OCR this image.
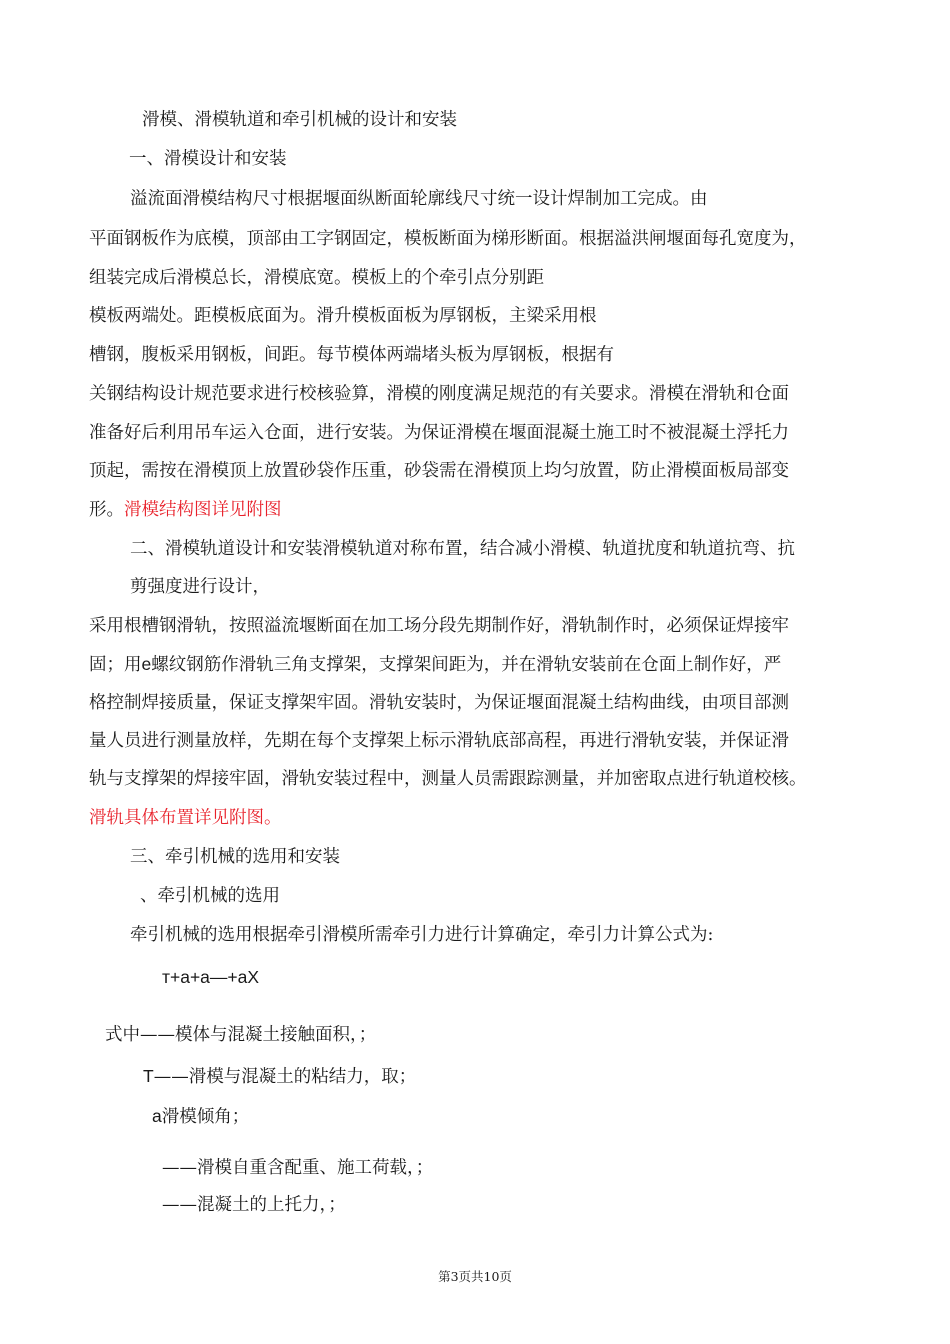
滑模、滑模轨道和牵引机械的设计和安装
一、滑模设计和安装
溢流面滑模结构尺寸根据堰面纵断面轮廓线尺寸统一设计焊制加工完成。由
平面钢板作为底模，顶部由工字钢固定，模板断面为梯形断面。根据溢洪闸堰面每孔宽度为，
组装完成后滑模总长，滑模底宽。模板上的个牵引点分别距
模板两端处。距模板底面为。滑升模板面板为厚钢板，主梁采用根
槽钢，腹板采用钢板，间距。每节模体两端堵头板为厚钢板，根据有
关钢结构设计规范要求进行校核验算，滑模的刚度满足规范的有关要求。滑模在滑轨和仓面
准备好后利用吊车运入仓面，进行安装。为保证滑模在堰面混凝土施工时不被混凝土浮托力
顶起，需按在滑模顶上放置砂袋作压重，砂袋需在滑模顶上均匀放置，防止滑模面板局部变
形。滑模结构图详见附图
二、滑模轨道设计和安装滑模轨道对称布置，结合减小滑模、轨道扰度和轨道抗弯、抗
剪强度进行设计，
采用根槽钢滑轨，按照溢流堰断面在加工场分段先期制作好，滑轨制作时，必须保证焊接牢
固；用e螺纹钢筋作滑轨三角支撑架，支撑架间距为，并在滑轨安装前在仓面上制作好，严
格控制焊接质量，保证支撑架牢固。滑轨安装时，为保证堰面混凝土结构曲线，由项目部测
量人员进行测量放样，先期在每个支撑架上标示滑轨底部高程，再进行滑轨安装，并保证滑
轨与支撑架的焊接牢固，滑轨安装过程中，测量人员需跟踪测量，并加密取点进行轨道校核。
滑轨具体布置详见附图。
三、牵引机械的选用和安装
、牵引机械的选用
牵引机械的选用根据牵引滑模所需牵引力进行计算确定，牵引力计算公式为:
т+a+a—+aX
式中——模体与混凝土接触面积，；
T——滑模与混凝土的粘结力，取；
a滑模倾角；
——滑模自重含配重、施工荷载，；
——混凝土的上托力，；
第3页共10页
